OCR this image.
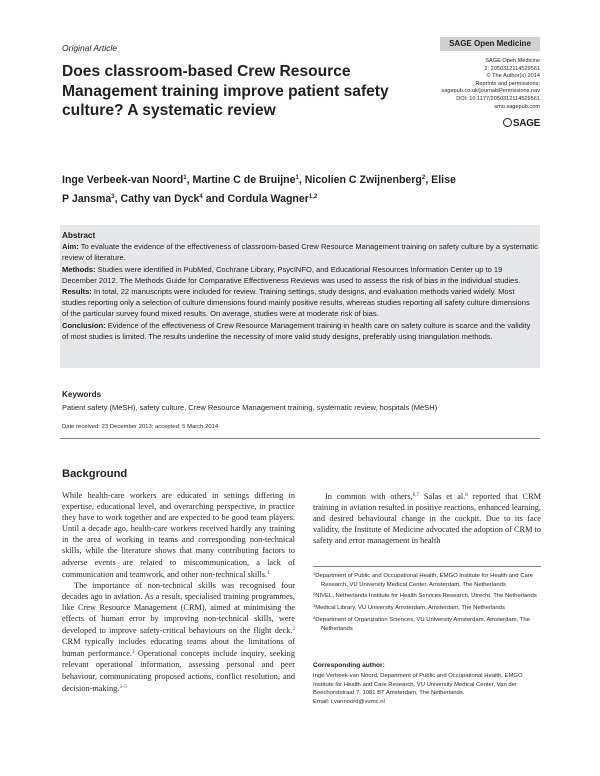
Original Article	SAGE Open Medicine
Does classroom-based Crew Resource Management training improve patient safety culture? A systematic review
SAGE Open Medicine
2: 2050312114529561
© The Author(s) 2014
Reprints and permissions:
sagepub.co.uk/journalsPermissions.nav
DOI: 10.1177/2050312114529561
smo.sagepub.com
SAGE
Inge Verbeek-van Noord$^1$, Martine C de Bruijne$^1$, Nicolien C Zwijnenberg$^2$, Elise P Jansma$^3$, Cathy van Dyck$^4$ and Cordula Wagner$^{1,2}$
Abstract

Aim: To evaluate the evidence of the effectiveness of classroom-based Crew Resource Management training on safety culture by a systematic review of literature.

Methods: Studies were identified in PubMed, Cochrane Library, PsycINFO, and Educational Resources Information Center up to 19 December 2012. The Methods Guide for Comparative Effectiveness Reviews was used to assess the risk of bias in the individual studies.

Results: In total, 22 manuscripts were included for review. Training settings, study designs, and evaluation methods varied widely. Most studies reporting only a selection of culture dimensions found mainly positive results, whereas studies reporting all safety culture dimensions of the particular survey found mixed results. On average, studies were at moderate risk of bias.

Conclusion: Evidence of the effectiveness of Crew Resource Management training in health care on safety culture is scarce and the validity of most studies is limited. The results underline the necessity of more valid study designs, preferably using triangulation methods.

Keywords
Patient safety (MeSH), safety culture, Crew Resource Management training, systematic review, hospitals (MeSH)
Date received: 23 December 2013; accepted: 5 March 2014
Background

While health-care workers are educated in settings differing in expertise, educational level, and overarching perspective, in practice they have to work together and are expected to be good team players. Until a decade ago, health-care workers received hardly any training in the area of working in teams and corresponding non-technical skills, while the literature shows that many contributing factors to adverse events are related to miscommunication, a lack of communication and teamwork, and other non-technical skills.$^1$

The importance of non-technical skills was recognised four decades ago in aviation. As a result, specialised training programmes, like Crew Resource Management (CRM), aimed at minimising the effects of human error by improving non-technical skills, were developed to improve safety-critical behaviours on the flight deck.$^2$ CRM typically includes educating teams about the limitations of human performance.$^3$ Operational concepts include inquiry, seeking relevant operational information, assessing personal and peer behaviour, communicating proposed actions, conflict resolution, and decision-making.$^{3-5}$

In common with others,$^{6,7}$ Salas et al.$^8$ reported that CRM training in aviation resulted in positive reactions, enhanced learning, and desired behavioural change in the cockpit. Due to its face validity, the Institute of Medicine advocated the adoption of CRM to safety and error management in health

$^1$Department of Public and Occupational Health, EMGO Institute for Health and Care Research, VU University Medical Center, Amsterdam, The Netherlands
$^2$NIVEL, Netherlands Institute for Health Services Research, Utrecht, The Netherlands
$^3$Medical Library, VU University Amsterdam, Amsterdam, The Netherlands
$^4$Department of Organization Sciences, VU University Amsterdam, Amsterdam, The Netherlands
Corresponding author:
Inge Verbeek-van Noord, Department of Public and Occupational Health, EMGO Institute for Health and Care Research, VU University Medical Center, Van der Boechorststraat 7, 1081 BT Amsterdam, The Netherlands.
Email: i.vannoord@vumc.nl
